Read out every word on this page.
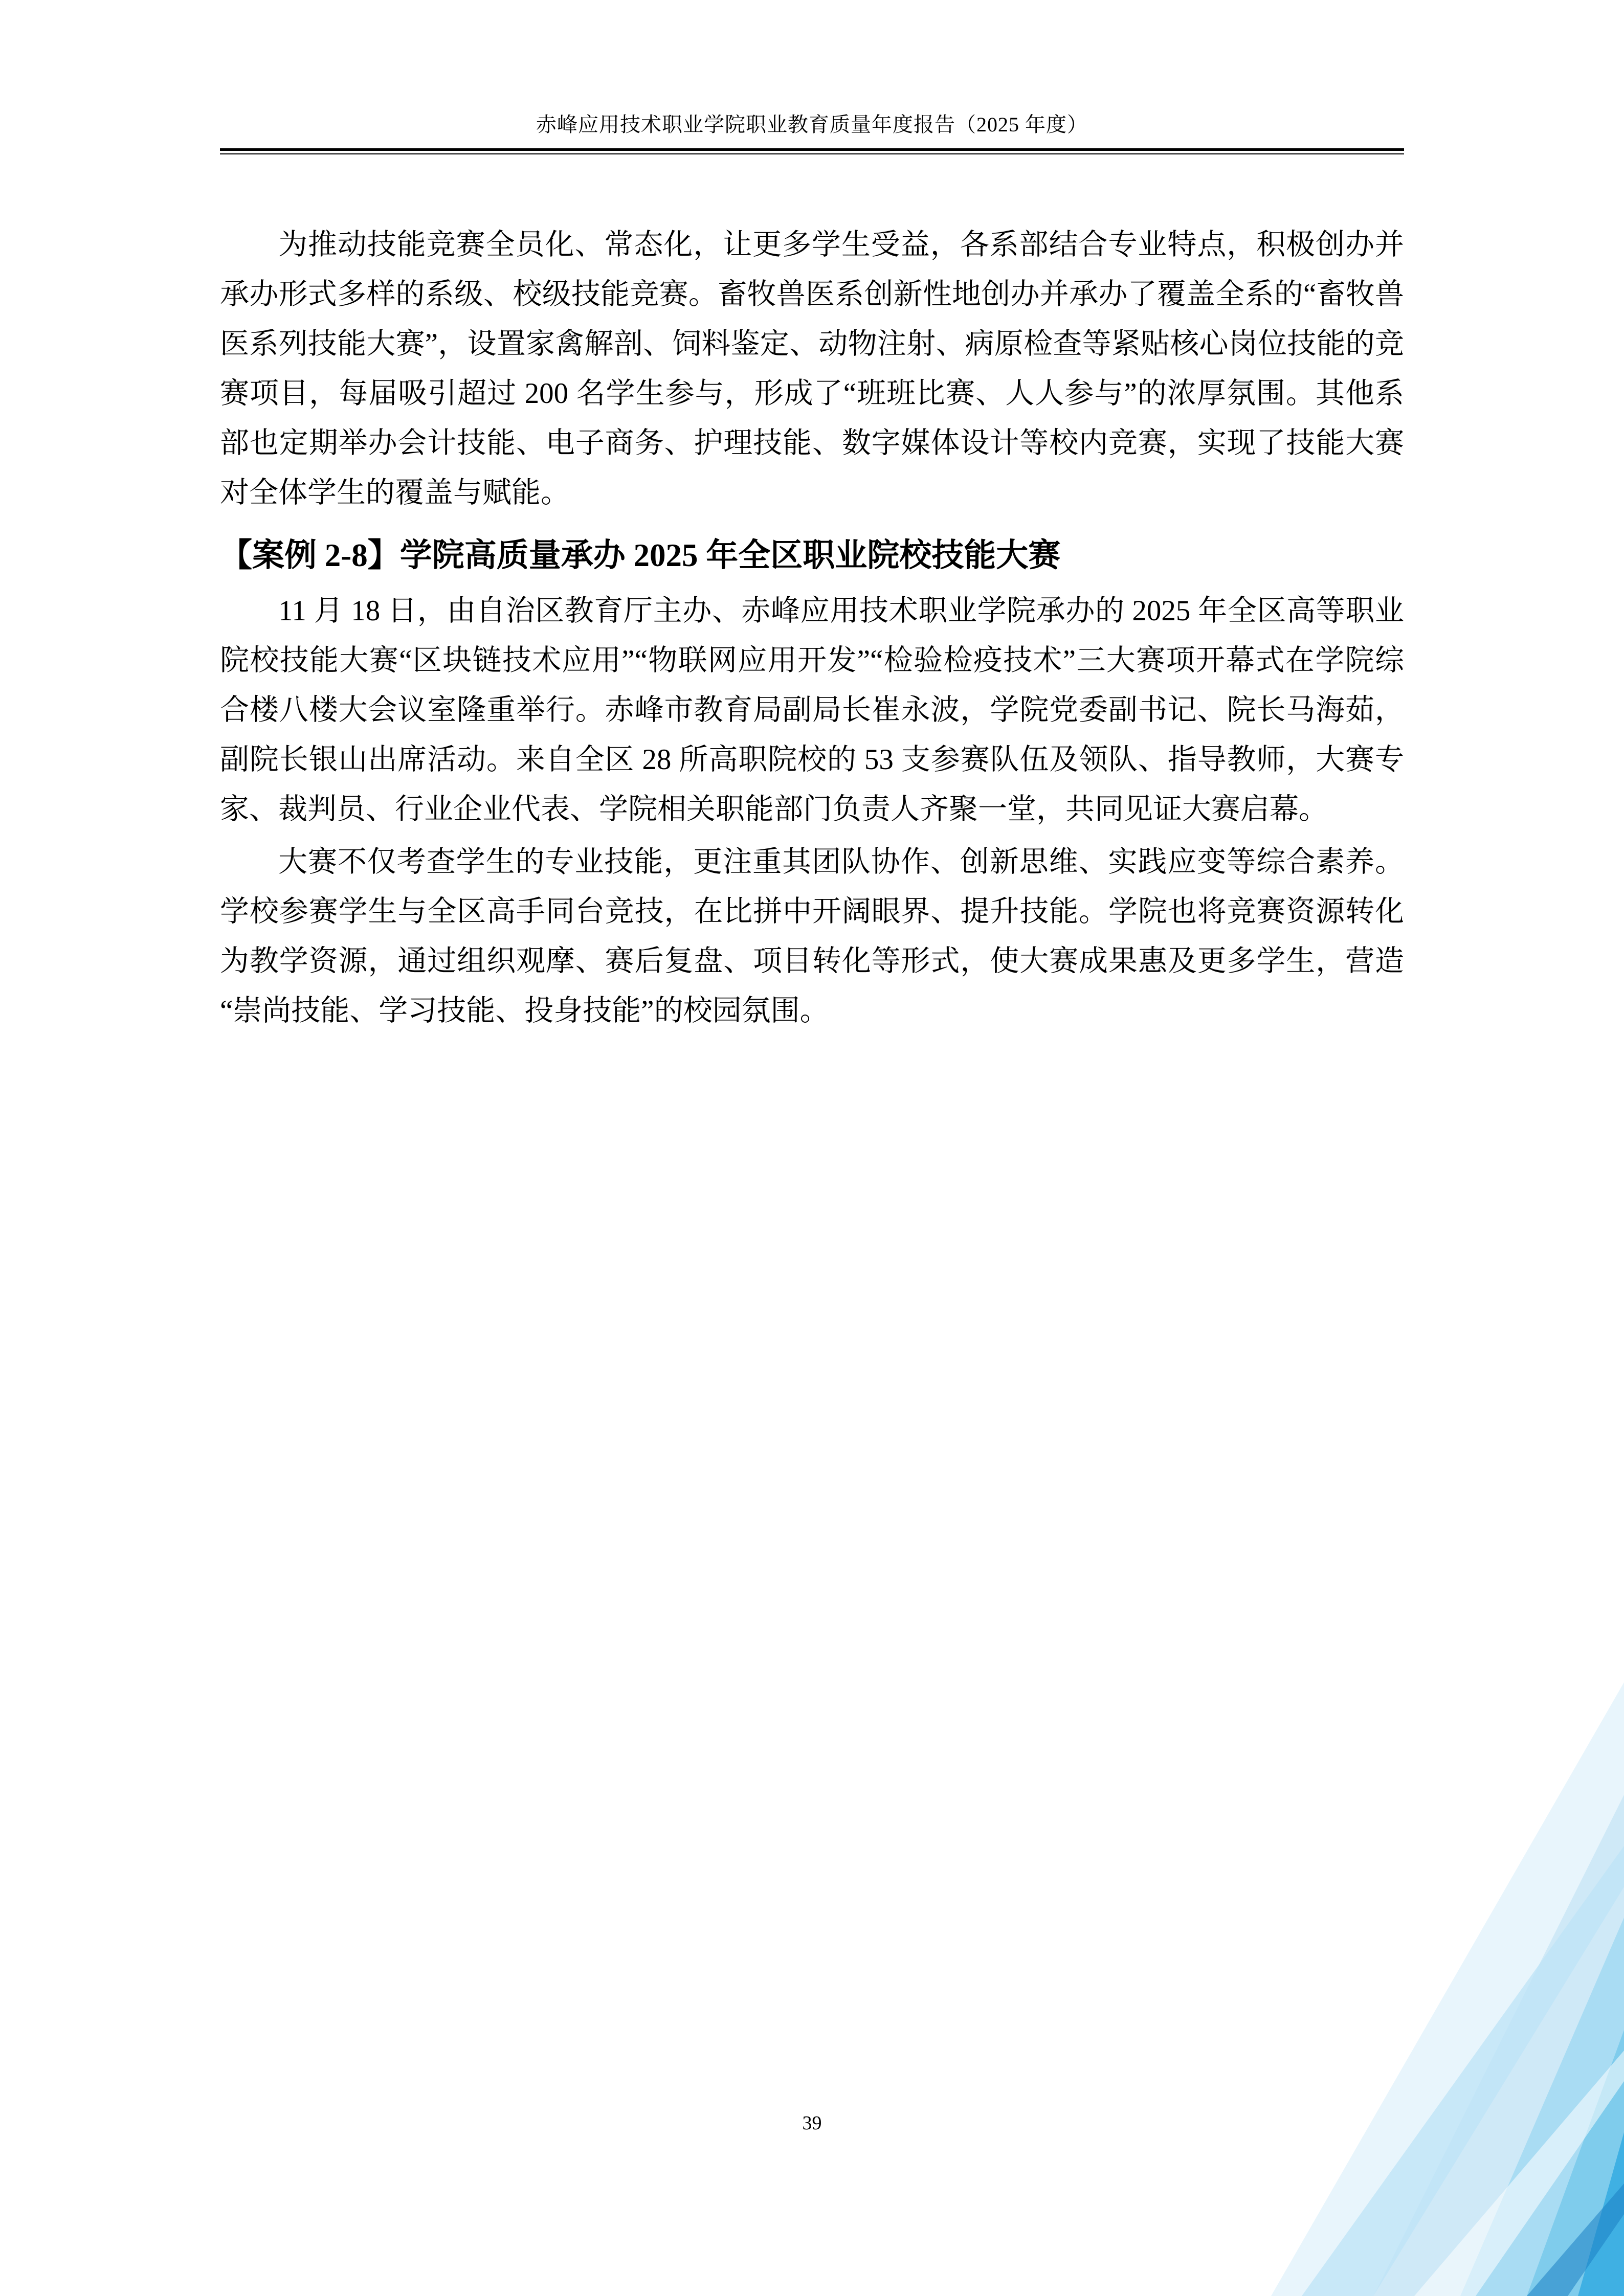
赤峰应用技术职业学院职业教育质量年度报告（2025 年度）

为推动技能竞赛全员化、常态化，让更多学生受益，各系部结合专业特点，积极创办并承办形式多样的系级、校级技能竞赛。畜牧兽医系创新性地创办并承办了覆盖全系的“畜牧兽医系列技能大赛”，设置家禽解剖、饲料鉴定、动物注射、病原检查等紧贴核心岗位技能的竞赛项目，每届吸引超过 200 名学生参与，形成了“班班比赛、人人参与”的浓厚氛围。其他系部也定期举办会计技能、电子商务、护理技能、数字媒体设计等校内竞赛，实现了技能大赛对全体学生的覆盖与赋能。

【案例 2-8】学院高质量承办 2025 年全区职业院校技能大赛

11 月 18 日，由自治区教育厅主办、赤峰应用技术职业学院承办的 2025 年全区高等职业院校技能大赛“区块链技术应用”“物联网应用开发”“检验检疫技术”三大赛项开幕式在学院综合楼八楼大会议室隆重举行。赤峰市教育局副局长崔永波，学院党委副书记、院长马海茹，副院长银山出席活动。来自全区 28 所高职院校的 53 支参赛队伍及领队、指导教师，大赛专家、裁判员、行业企业代表、学院相关职能部门负责人齐聚一堂，共同见证大赛启幕。

大赛不仅考查学生的专业技能，更注重其团队协作、创新思维、实践应变等综合素养。学校参赛学生与全区高手同台竞技，在比拼中开阔眼界、提升技能。学院也将竞赛资源转化为教学资源，通过组织观摩、赛后复盘、项目转化等形式，使大赛成果惠及更多学生，营造“崇尚技能、学习技能、投身技能”的校园氛围。

39
